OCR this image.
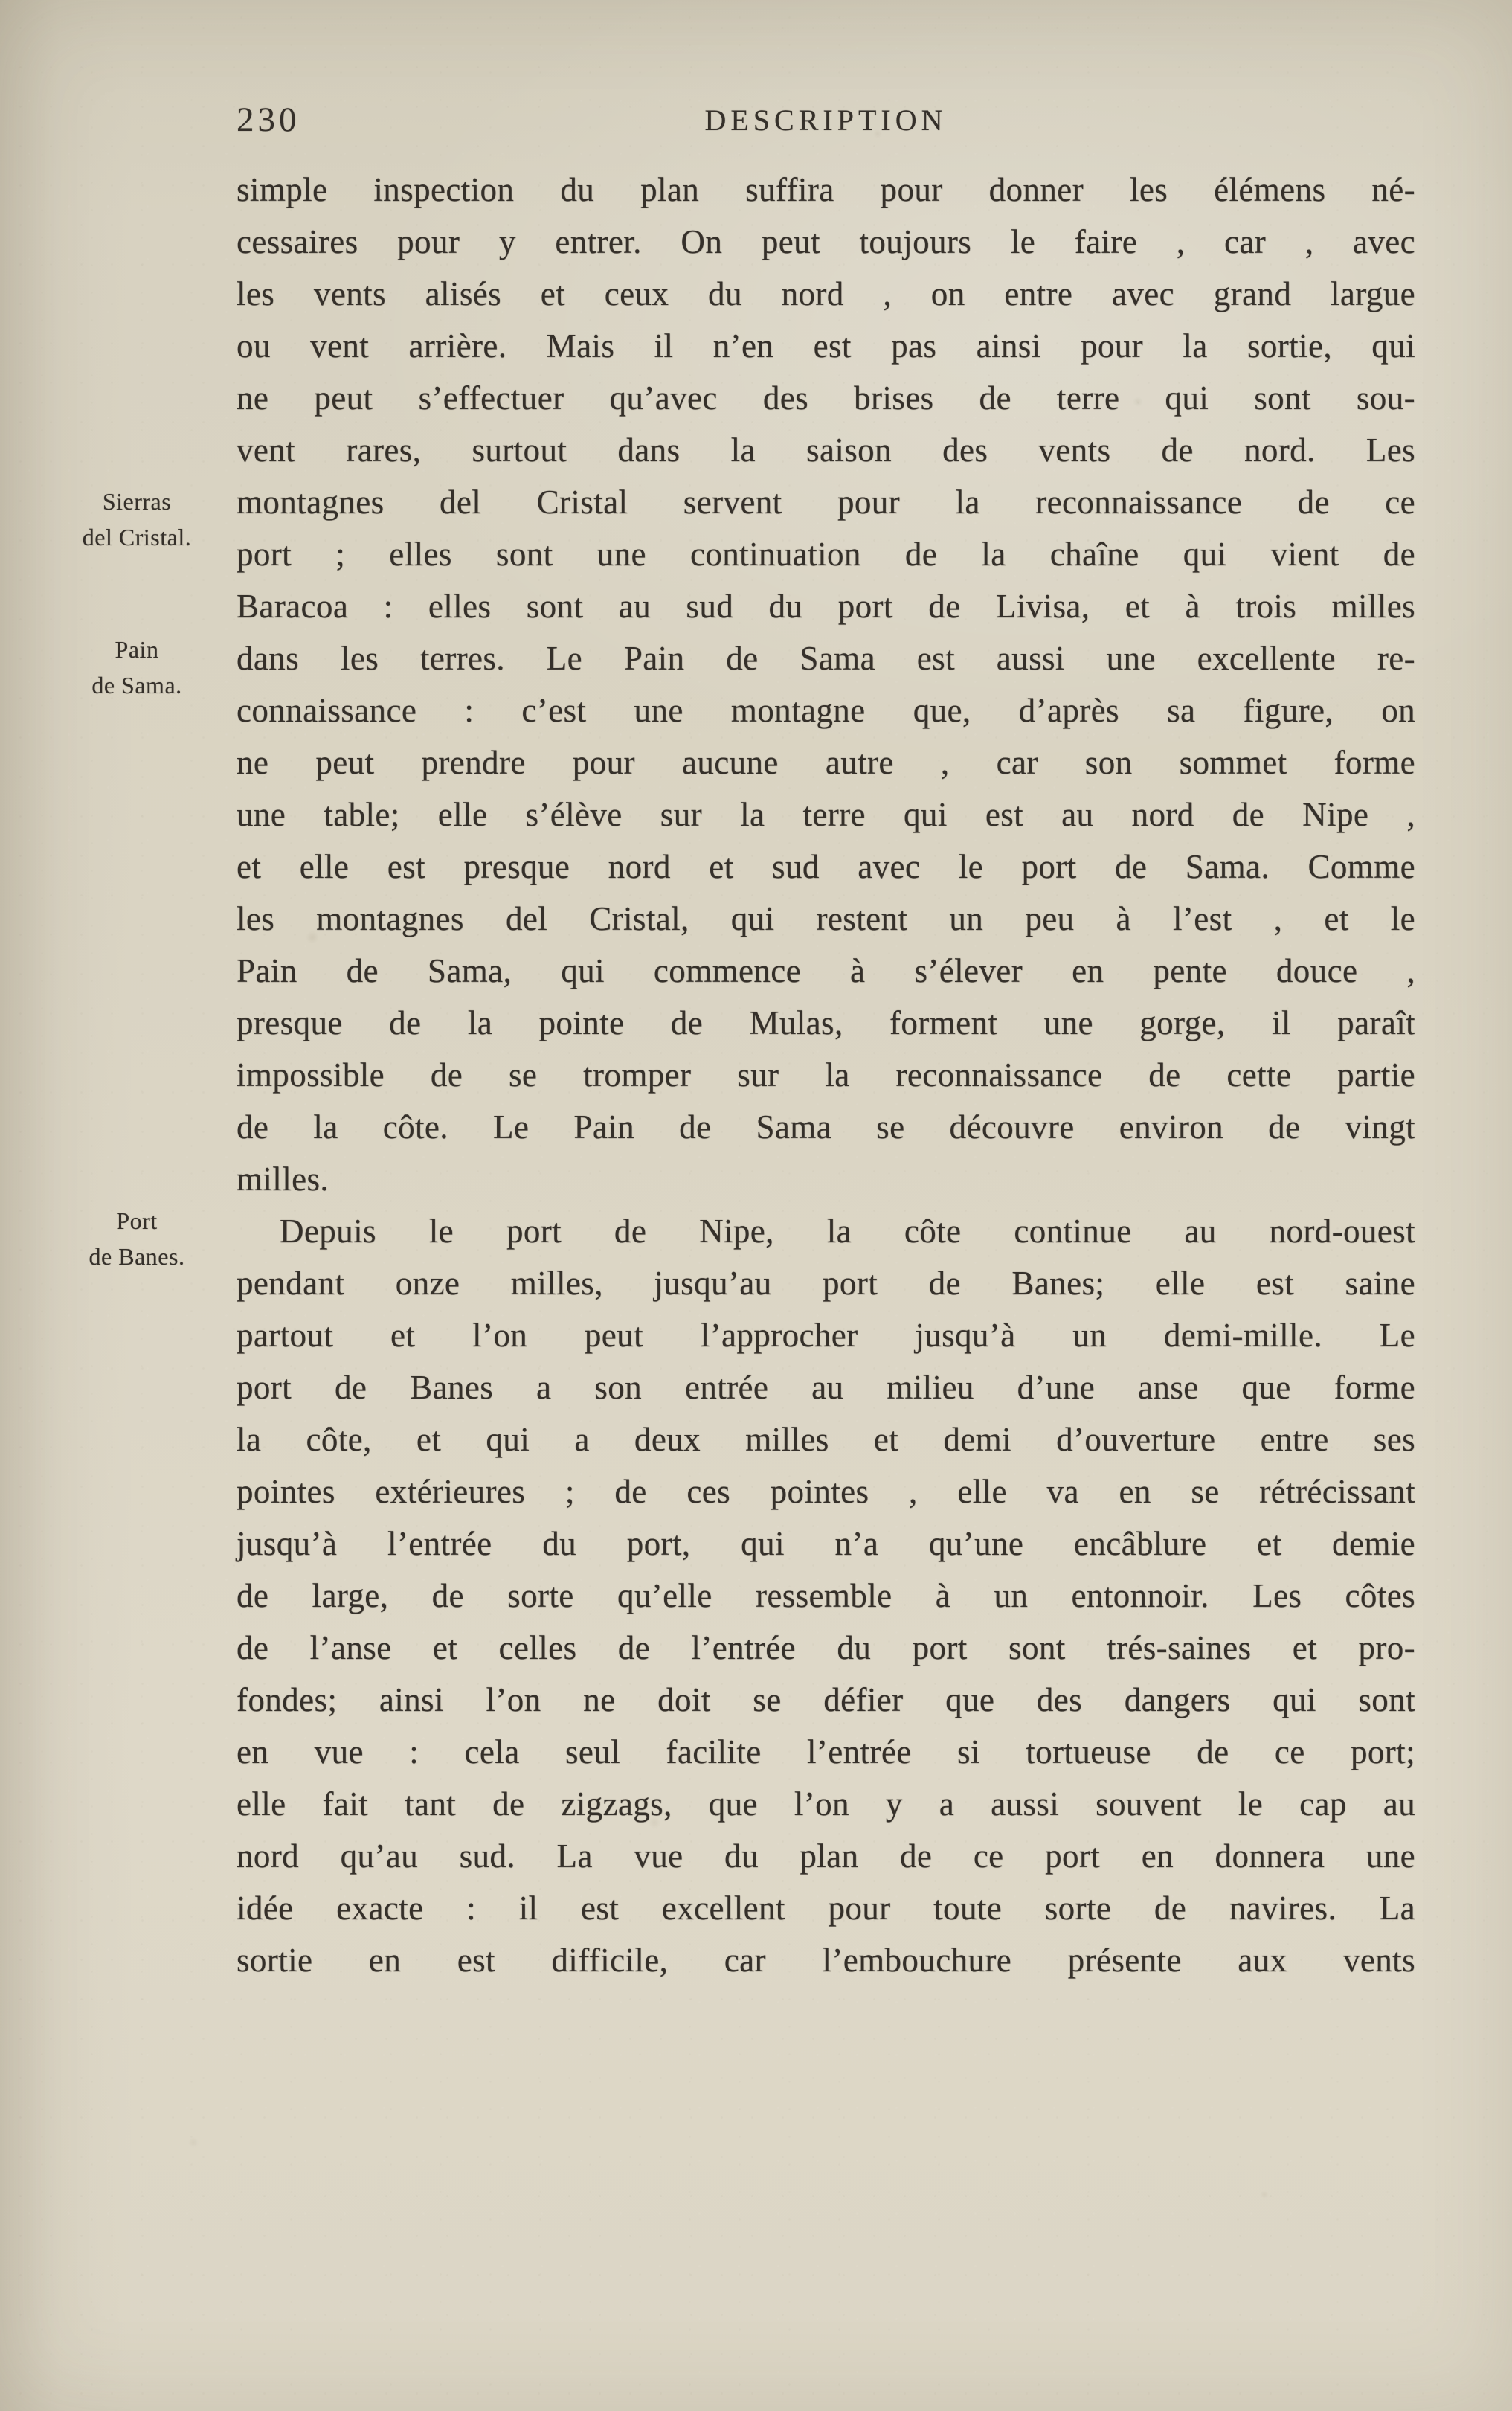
230	DESCRIPTION
Sierras
del Cristal.
Pain
de Sama.
Port
de Banes.
simple inspection du plan suffira pour donner les élémens né-
cessaires pour y entrer. On peut toujours le faire , car , avec
les vents alisés et ceux du nord , on entre avec grand largue
ou vent arrière. Mais il n’en est pas ainsi pour la sortie, qui
ne peut s’effectuer qu’avec des brises de terre qui sont sou-
vent rares, surtout dans la saison des vents de nord. Les
montagnes del Cristal servent pour la reconnaissance de ce
port ; elles sont une continuation de la chaîne qui vient de
Baracoa : elles sont au sud du port de Livisa, et à trois milles
dans les terres. Le Pain de Sama est aussi une excellente re-
connaissance : c’est une montagne que, d’après sa figure, on
ne peut prendre pour aucune autre , car son sommet forme
une table; elle s’élève sur la terre qui est au nord de Nipe ,
et elle est presque nord et sud avec le port de Sama. Comme
les montagnes del Cristal, qui restent un peu à l’est , et le
Pain de Sama, qui commence à s’élever en pente douce ,
presque de la pointe de Mulas, forment une gorge, il paraît
impossible de se tromper sur la reconnaissance de cette partie
de la côte. Le Pain de Sama se découvre environ de vingt
milles.
Depuis le port de Nipe, la côte continue au nord-ouest
pendant onze milles, jusqu’au port de Banes; elle est saine
partout et l’on peut l’approcher jusqu’à un demi-mille. Le
port de Banes a son entrée au milieu d’une anse que forme
la côte, et qui a deux milles et demi d’ouverture entre ses
pointes extérieures ; de ces pointes , elle va en se rétrécissant
jusqu’à l’entrée du port, qui n’a qu’une encâblure et demie
de large, de sorte qu’elle ressemble à un entonnoir. Les côtes
de l’anse et celles de l’entrée du port sont trés-saines et pro-
fondes; ainsi l’on ne doit se défier que des dangers qui sont
en vue : cela seul facilite l’entrée si tortueuse de ce port;
elle fait tant de zigzags, que l’on y a aussi souvent le cap au
nord qu’au sud. La vue du plan de ce port en donnera une
idée exacte : il est excellent pour toute sorte de navires. La
sortie en est difficile, car l’embouchure présente aux vents
